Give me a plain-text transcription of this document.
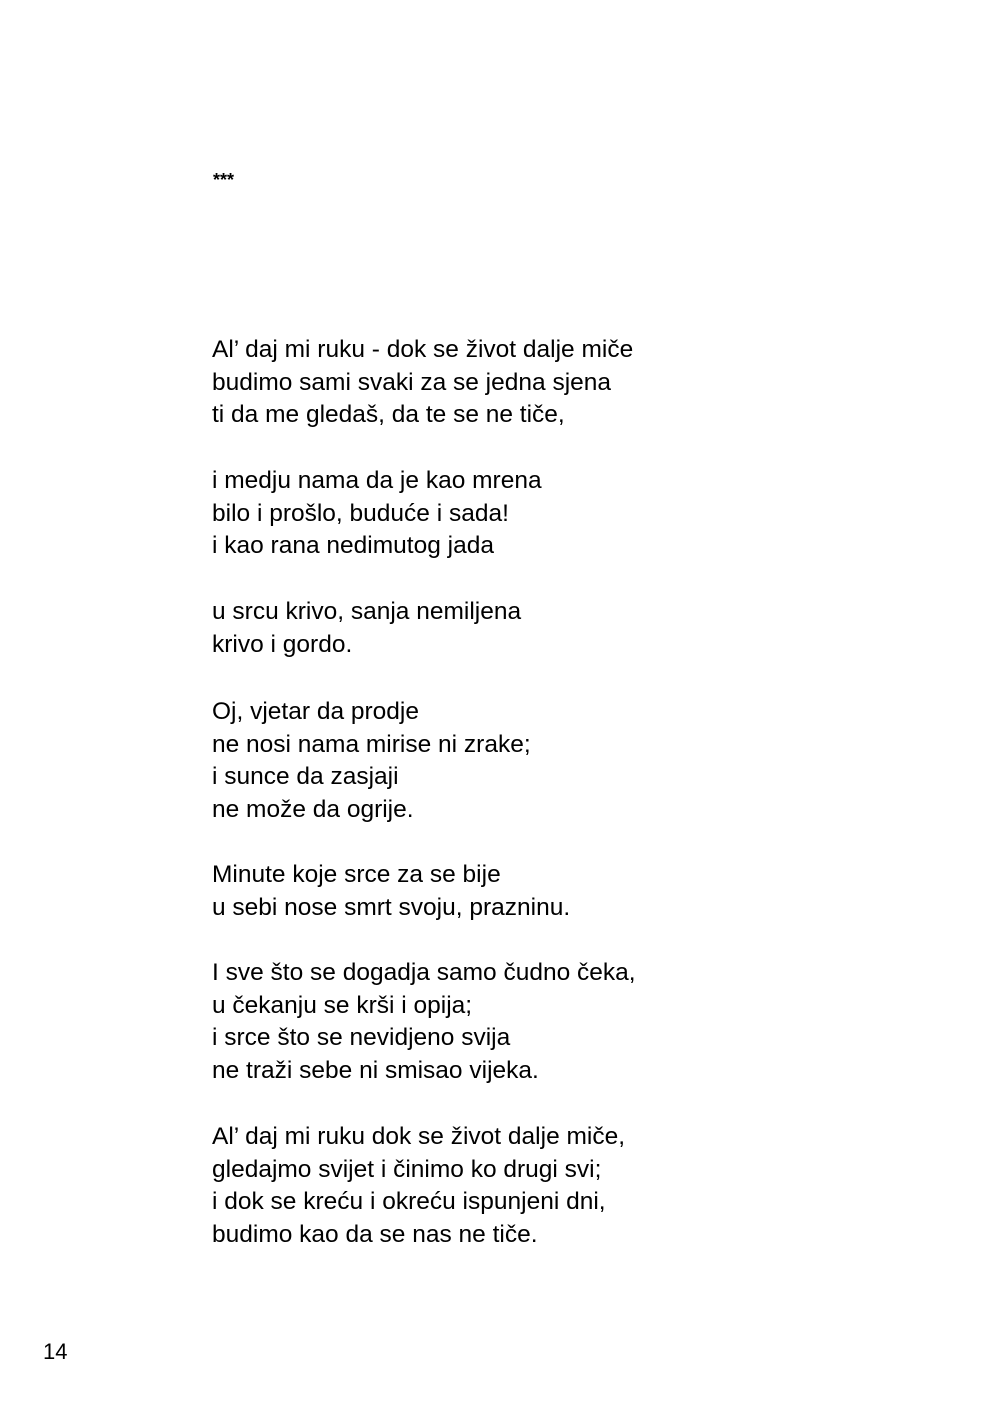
***
Al’ daj mi ruku - dok se život dalje miče
budimo sami svaki za se jedna sjena
ti da me gledaš, da te se ne tiče,
i medju nama da je kao mrena
bilo i prošlo, buduće i sada!
i kao rana nedimutog jada
u srcu krivo, sanja nemiljena
krivo i gordo.
Oj, vjetar da prodje
ne nosi nama mirise ni zrake;
i sunce da zasjaji
ne može da ogrije.
Minute koje srce za se bije
u sebi nose smrt svoju, prazninu.
I sve što se dogadja samo čudno čeka,
u čekanju se krši i opija;
i srce što se nevidjeno svija
ne traži sebe ni smisao vijeka.
Al’ daj mi ruku dok se život dalje miče,
gledajmo svijet i činimo ko drugi svi;
i dok se kreću i okreću ispunjeni dni,
budimo kao da se nas ne tiče.
14
